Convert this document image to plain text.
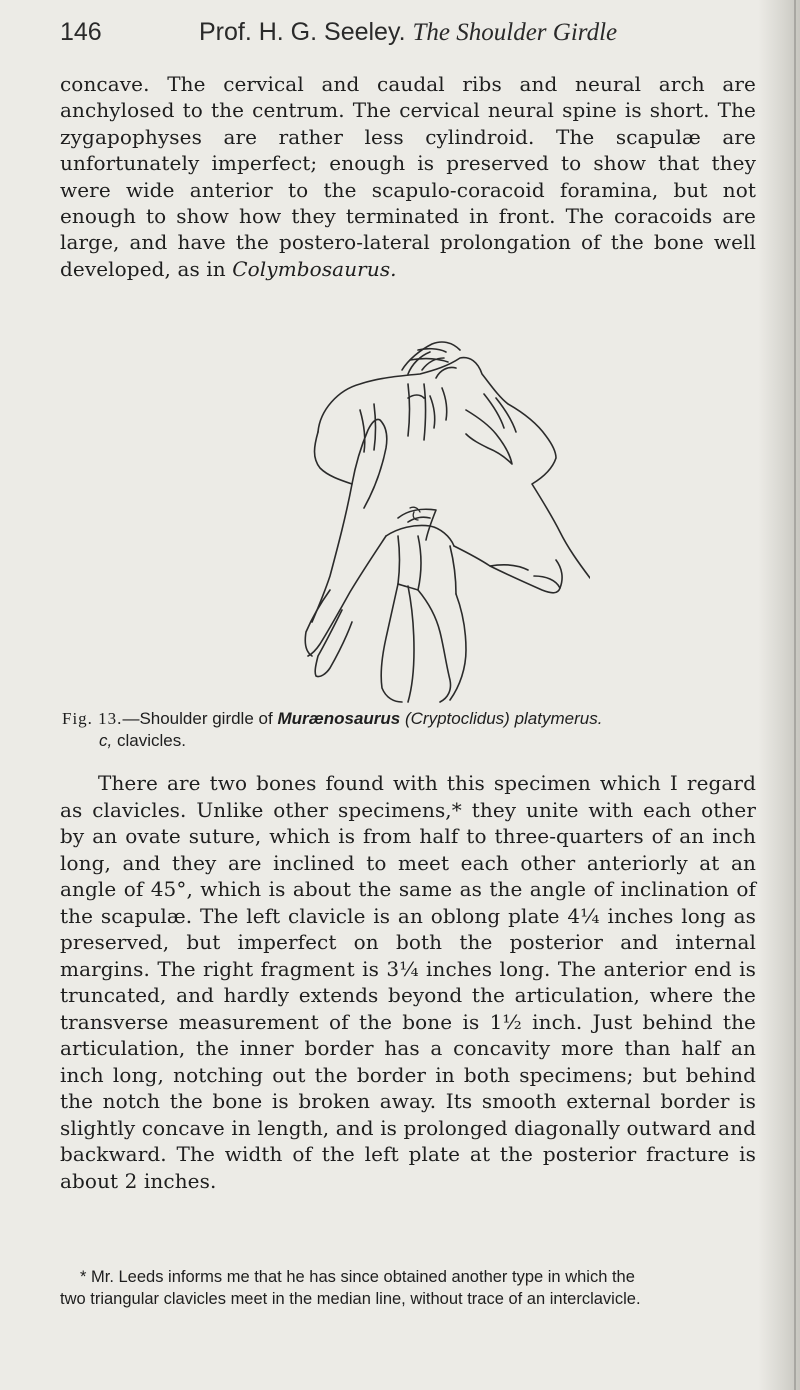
146	Prof. H. G. Seeley. The Shoulder Girdle

concave. The cervical and caudal ribs and neural arch are anchylosed to the centrum. The cervical neural spine is short. The zygapophyses are rather less cylindroid. The scapulæ are unfortunately imperfect; enough is preserved to show that they were wide anterior to the scapulo-coracoid foramina, but not enough to show how they terminated in front. The coracoids are large, and have the postero-lateral prolongation of the bone well developed, as in Colymbosaurus.

Fig. 13.—Shoulder girdle of Murænosaurus (Cryptoclidus) platymerus.
c, clavicles.

There are two bones found with this specimen which I regard as clavicles. Unlike other specimens,* they unite with each other by an ovate suture, which is from half to three-quarters of an inch long, and they are inclined to meet each other anteriorly at an angle of 45°, which is about the same as the angle of inclination of the scapulæ. The left clavicle is an oblong plate 4¼ inches long as preserved, but imperfect on both the posterior and internal margins. The right fragment is 3¼ inches long. The anterior end is truncated, and hardly extends beyond the articulation, where the transverse measurement of the bone is 1½ inch. Just behind the articulation, the inner border has a concavity more than half an inch long, notching out the border in both specimens; but behind the notch the bone is broken away. Its smooth external border is slightly concave in length, and is prolonged diagonally outward and backward. The width of the left plate at the posterior fracture is about 2 inches.

* Mr. Leeds informs me that he has since obtained another type in which the
two triangular clavicles meet in the median line, without trace of an interclavicle.
